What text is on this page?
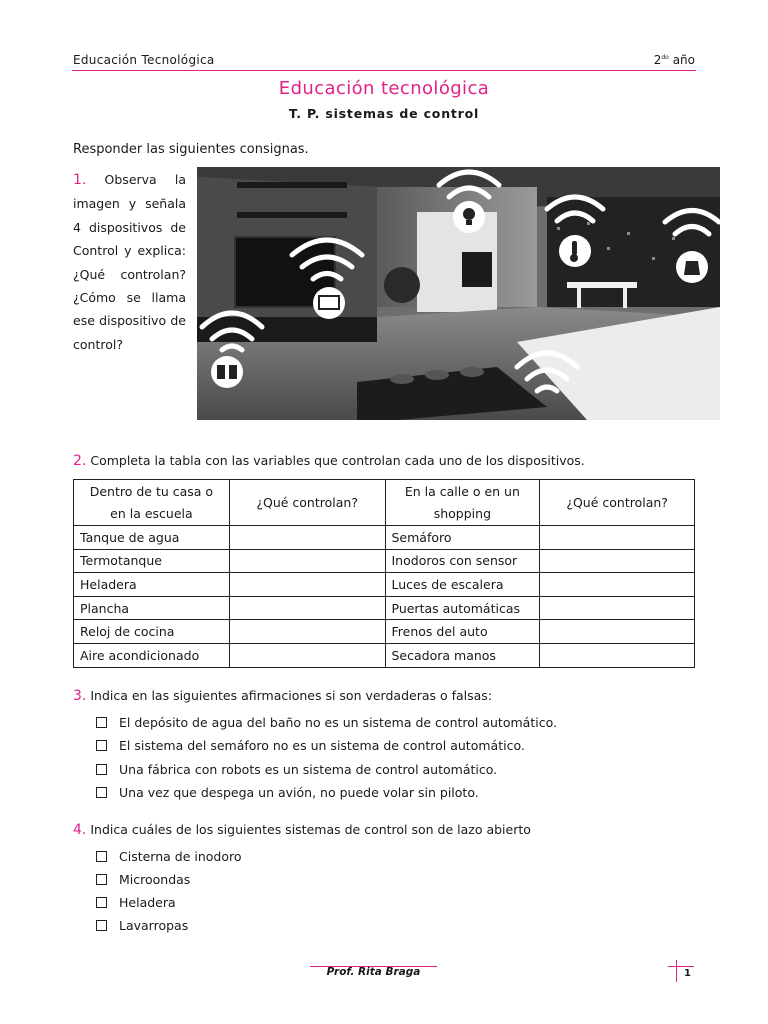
Educación Tecnológica	$2^{do}$ año
Educación tecnológica
T. P. sistemas de control
Responder las siguientes consignas.
1. Observa la imagen y señala 4 dispositivos de Control y explica: ¿Qué controlan? ¿Cómo se llama ese dispositivo de control?
2. Completa la tabla con las variables que controlan cada uno de los dispositivos.
Dentro de tu casa o en la escuela	¿Qué controlan?	En la calle o en un shopping	¿Qué controlan?
Tanque de agua		Semáforo	
Termotanque		Inodoros con sensor	
Heladera		Luces de escalera	
Plancha		Puertas automáticas	
Reloj de cocina		Frenos del auto	
Aire acondicionado		Secadora manos	
3. Indica en las siguientes afirmaciones si son verdaderas o falsas:
El depósito de agua del baño no es un sistema de control automático.
El sistema del semáforo no es un sistema de control automático.
Una fábrica con robots es un sistema de control automático.
Una vez que despega un avión, no puede volar sin piloto.
4. Indica cuáles de los siguientes sistemas de control son de lazo abierto
Cisterna de inodoro
Microondas
Heladera
Lavarropas
Prof. Rita Braga	1
